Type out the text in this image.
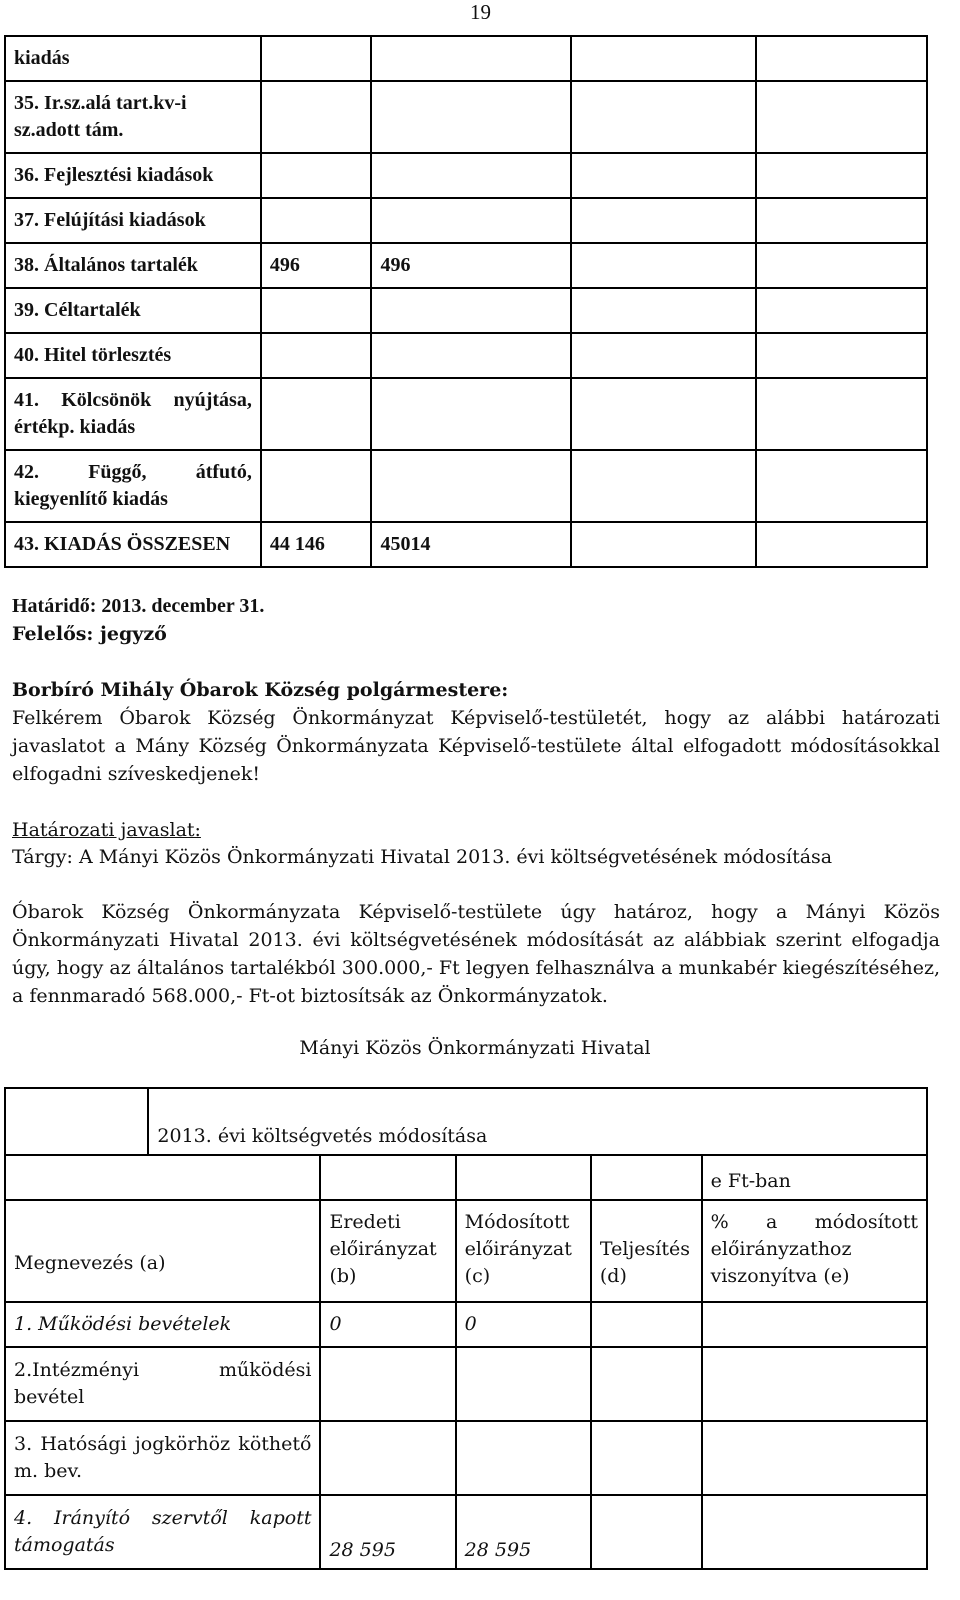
19
kiadás				
35. Ir.sz.alá tart.kv-i sz.adott tám.				
36. Fejlesztési kiadások				
37. Felújítási kiadások				
38. Általános tartalék	496	496		
39. Céltartalék				
40. Hitel törlesztés				

41. Kölcsönök nyújtása, értékp. kiadás				

42. Függő, átfutó, kiegyenlítő kiadás				

43. KIADÁS ÖSSZESEN	44 146	45014		
Határidő: 2013. december 31.
Felelős: jegyző
Borbíró Mihály Óbarok Község polgármestere:
Felkérem Óbarok Község Önkormányzat Képviselő-testületét, hogy az alábbi határozati javaslatot a Mány Község Önkormányzata Képviselő-testülete által elfogadott módosításokkal elfogadni szíveskedjenek!
Határozati javaslat:
Tárgy: A Mányi Közös Önkormányzati Hivatal 2013. évi költségvetésének módosítása
Óbarok Község Önkormányzata Képviselő-testülete úgy határoz, hogy a Mányi Közös Önkormányzati Hivatal 2013. évi költségvetésének módosítását az alábbiak szerint elfogadja úgy, hogy az általános tartalékból 300.000,- Ft legyen felhasználva a munkabér kiegészítéséhez, a fennmaradó 568.000,- Ft-ot biztosítsák az Önkormányzatok.
Mányi Közös Önkormányzati Hivatal

	2013. évi költségvetés módosítása				
					e Ft-ban
Megnevezés (a)		Eredeti előirányzat (b)	Módosított előirányzat (c)	Teljesítés (d)	% a módosított előirányzathoz viszonyítva (e)
1. Működési bevételek		0	0		
2.Intézményi működési bevétel					
3. Hatósági jogkörhöz köthető m. bev.					
4. Irányító szervtől kapott támogatás		28 595	28 595		
